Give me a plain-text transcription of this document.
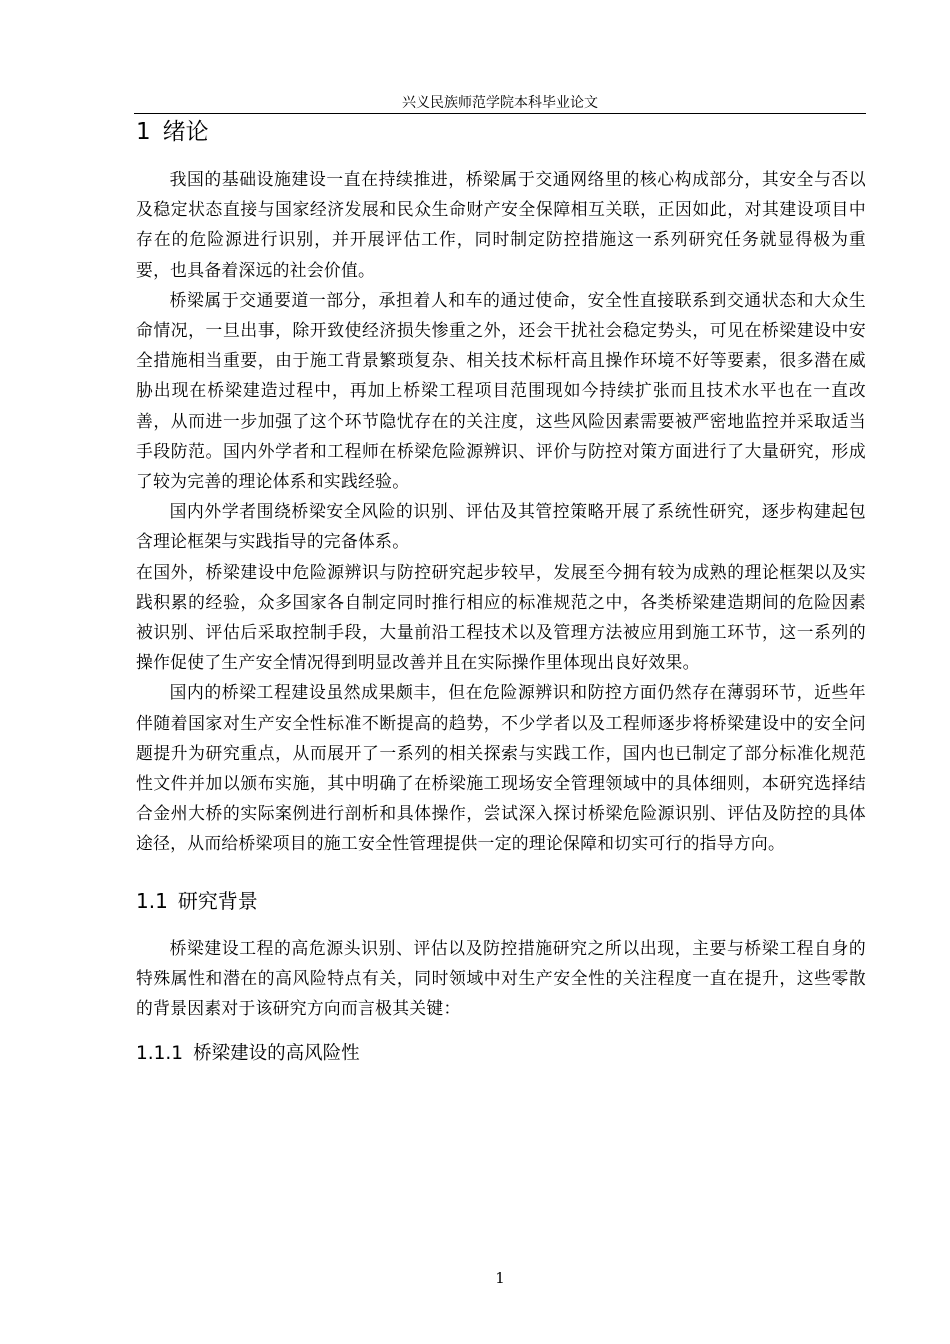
兴义民族师范学院本科毕业论文
1 绪论

我国的基础设施建设一直在持续推进，桥梁属于交通网络里的核心构成部分，其安全与否以及稳定状态直接与国家经济发展和民众生命财产安全保障相互关联，正因如此，对其建设项目中存在的危险源进行识别，并开展评估工作，同时制定防控措施这一系列研究任务就显得极为重要，也具备着深远的社会价值。

桥梁属于交通要道一部分，承担着人和车的通过使命，安全性直接联系到交通状态和大众生命情况，一旦出事，除开致使经济损失惨重之外，还会干扰社会稳定势头，可见在桥梁建设中安全措施相当重要，由于施工背景繁琐复杂、相关技术标杆高且操作环境不好等要素，很多潜在威胁出现在桥梁建造过程中，再加上桥梁工程项目范围现如今持续扩张而且技术水平也在一直改善，从而进一步加强了这个环节隐忧存在的关注度，这些风险因素需要被严密地监控并采取适当手段防范。国内外学者和工程师在桥梁危险源辨识、评价与防控对策方面进行了大量研究，形成了较为完善的理论体系和实践经验。

国内外学者围绕桥梁安全风险的识别、评估及其管控策略开展了系统性研究，逐步构建起包含理论框架与实践指导的完备体系。

在国外，桥梁建设中危险源辨识与防控研究起步较早，发展至今拥有较为成熟的理论框架以及实践积累的经验，众多国家各自制定同时推行相应的标准规范之中，各类桥梁建造期间的危险因素被识别、评估后采取控制手段，大量前沿工程技术以及管理方法被应用到施工环节，这一系列的操作促使了生产安全情况得到明显改善并且在实际操作里体现出良好效果。

国内的桥梁工程建设虽然成果颇丰，但在危险源辨识和防控方面仍然存在薄弱环节，近些年伴随着国家对生产安全性标准不断提高的趋势，不少学者以及工程师逐步将桥梁建设中的安全问题提升为研究重点，从而展开了一系列的相关探索与实践工作，国内也已制定了部分标准化规范性文件并加以颁布实施，其中明确了在桥梁施工现场安全管理领域中的具体细则，本研究选择结合金州大桥的实际案例进行剖析和具体操作，尝试深入探讨桥梁危险源识别、评估及防控的具体途径，从而给桥梁项目的施工安全性管理提供一定的理论保障和切实可行的指导方向。

1.1 研究背景

桥梁建设工程的高危源头识别、评估以及防控措施研究之所以出现，主要与桥梁工程自身的特殊属性和潜在的高风险特点有关，同时领域中对生产安全性的关注程度一直在提升，这些零散的背景因素对于该研究方向而言极其关键：

1.1.1 桥梁建设的高风险性
1
